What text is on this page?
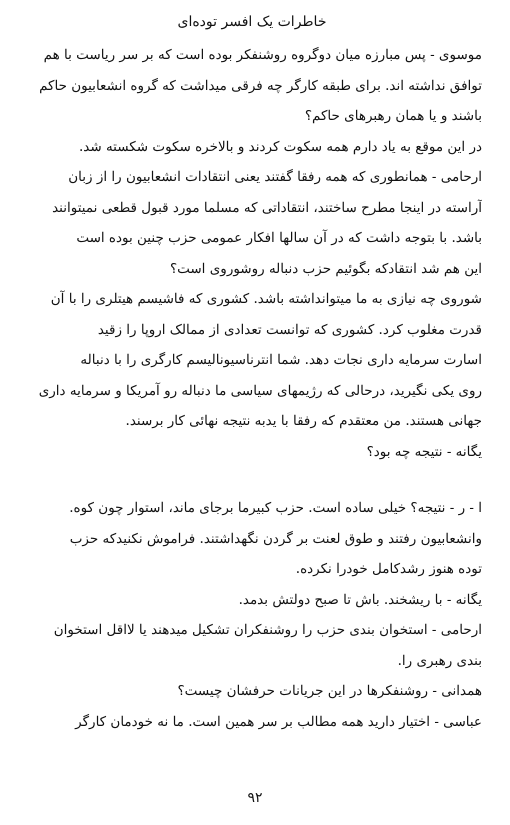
خاطرات یک افسر توده‌ای
موسوی - پس مبارزه میان دوگروه روشنفکر بوده است که بر سر ریاست با هم
توافق نداشته اند. برای طبقه کارگر چه فرقی میداشت که گروه انشعابیون حاکم
باشند و یا همان رهبرهای حاکم؟
در این موقع به یاد دارم همه سکوت کردند و بالاخره سکوت شکسته شد.
ارحامی - همانطوری که همه رفقا گفتند یعنی انتقادات انشعابیون را از زبان
آراسته در اینجا مطرح ساختند، انتقاداتی که مسلما مورد قبول قطعی نمیتوانند
باشد. با بتوجه داشت که در آن سالها افکار عمومی حزب چنین بوده است
این هم شد انتقادکه بگوئیم حزب دنباله روشوروی است؟
شوروی چه نیازی به ما میتوانداشته باشد. کشوری که فاشیسم هیتلری را با آن
قدرت مغلوب کرد. کشوری که توانست تعدادی از ممالک اروپا را زقید
اسارت سرمایه داری نجات دهد. شما انترناسیونالیسم کارگری را با دنباله
روی یکی نگیرید، درحالی که رژیمهای سیاسی ما دنباله رو آمریکا و سرمایه داری
جهانی هستند. من معتقدم که رفقا با یدبه نتیجه نهائی کار برسند.
یگانه - نتیجه چه بود؟
ا - ر - نتیجه؟ خیلی ساده است. حزب کبیرما برجای ماند، استوار چون کوه.
وانشعابیون رفتند و طوق لعنت بر گردن نگهداشتند. فراموش نکنیدکه حزب
توده هنوز رشدکامل خودرا نکرده.
یگانه - با ریشخند. باش تا صبح دولتش بدمد.
ارحامی - استخوان بندی حزب را روشنفکران تشکیل میدهند یا لااقل استخوان
بندی رهبری را.
همدانی - روشنفکرها در این جریانات حرفشان چیست؟
عباسی - اختیار دارید همه مطالب بر سر همین است. ما نه خودمان کارگر
۹۲
